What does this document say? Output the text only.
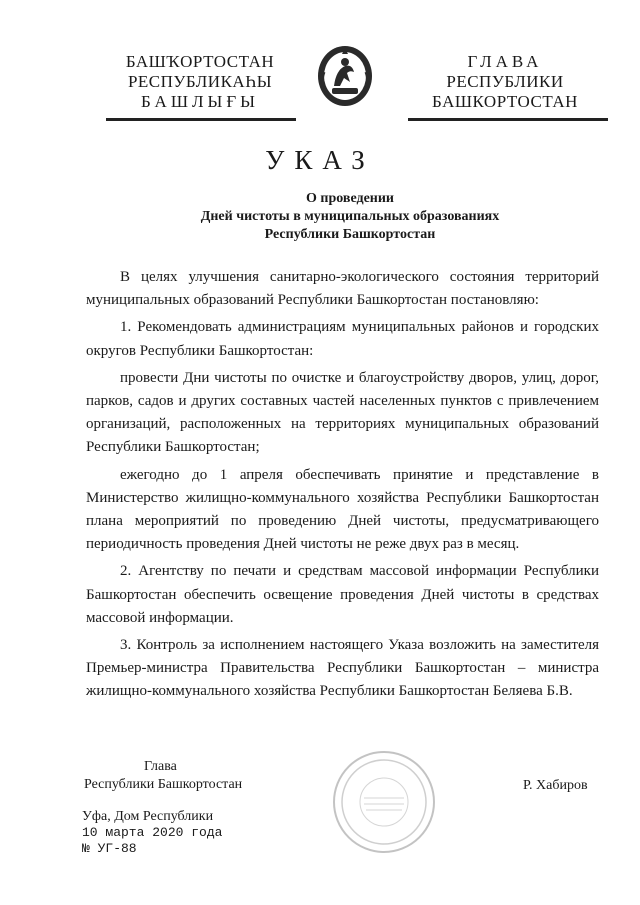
БАШҠОРТОСТАН
РЕСПУБЛИКАҺЫ
БАШЛЫҒЫ
ГЛАВА
РЕСПУБЛИКИ
БАШКОРТОСТАН
УКАЗ
О проведении
Дней чистоты в муниципальных образованиях
Республики Башкортостан

В целях улучшения санитарно-экологического состояния территорий муниципальных образований Республики Башкортостан постановляю:

1. Рекомендовать администрациям муниципальных районов и городских округов Республики Башкортостан:

провести Дни чистоты по очистке и благоустройству дворов, улиц, дорог, парков, садов и других составных частей населенных пунктов с привлечением организаций, расположенных на территориях муниципальных образований Республики Башкортостан;

ежегодно до 1 апреля обеспечивать принятие и представление в Министерство жилищно-коммунального хозяйства Республики Башкортостан плана мероприятий по проведению Дней чистоты, предусматривающего периодичность проведения Дней чистоты не реже двух раз в месяц.

2. Агентству по печати и средствам массовой информации Республики Башкортостан обеспечить освещение проведения Дней чистоты в средствах массовой информации.

3. Контроль за исполнением настоящего Указа возложить на заместителя Премьер-министра Правительства Республики Башкортостан – министра жилищно-коммунального хозяйства Республики Башкортостан Беляева Б.В.

Глава
Республики Башкортостан	Р. Хабиров
Уфа, Дом Республики
10 марта 2020 года
№ УГ-88
